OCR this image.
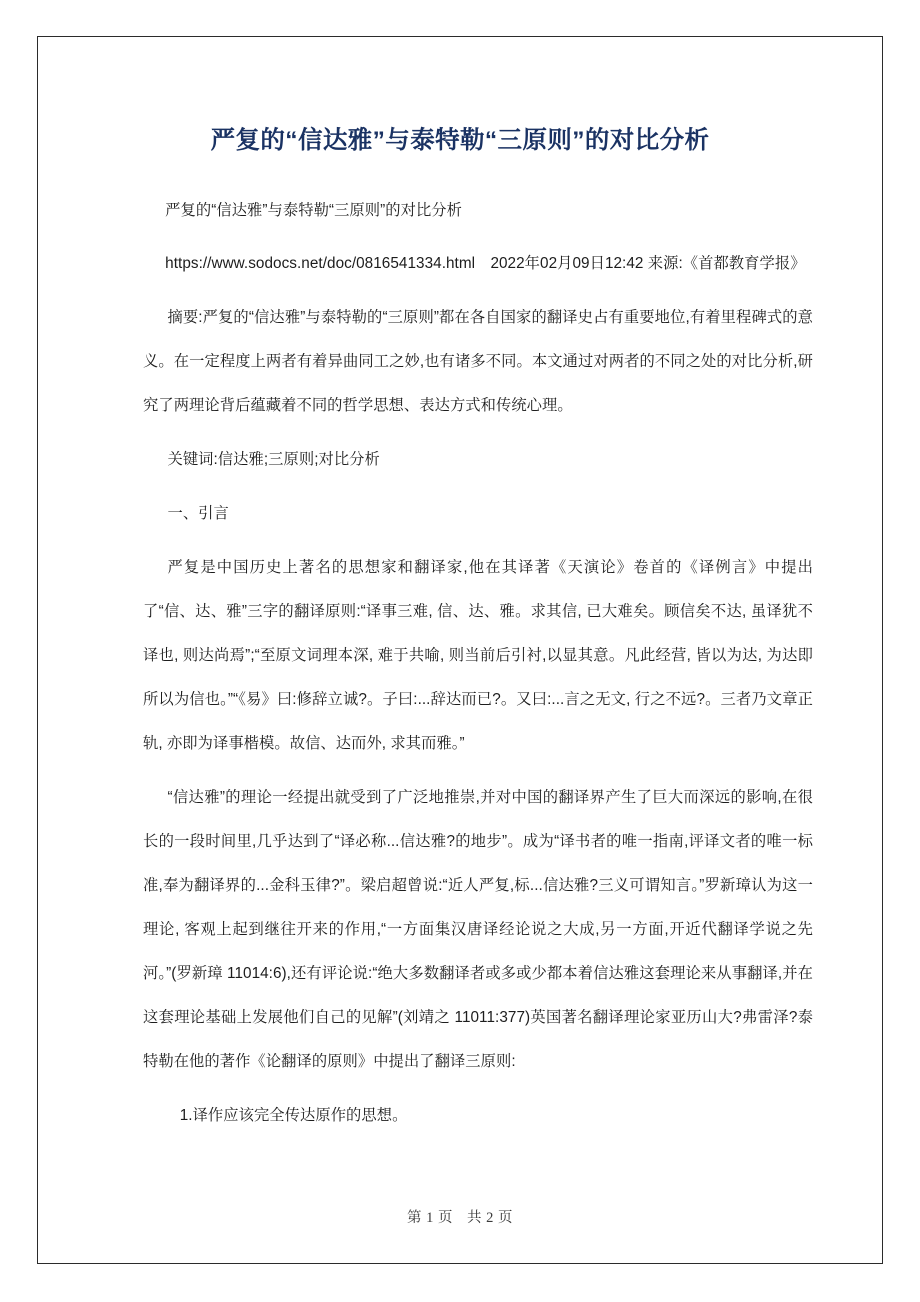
严复的“信达雅”与泰特勒“三原则”的对比分析

严复的“信达雅”与泰特勒“三原则”的对比分析

https://www.sodocs.net/doc/0816541334.html 2022年02月09日12:42 来源:《首都教育学报》

摘要:严复的“信达雅”与泰特勒的“三原则”都在各自国家的翻译史占有重要地位,有着里程碑式的意义。在一定程度上两者有着异曲同工之妙,也有诸多不同。本文通过对两者的不同之处的对比分析,研究了两理论背后蕴藏着不同的哲学思想、表达方式和传统心理。

关键词:信达雅;三原则;对比分析

一、引言

严复是中国历史上著名的思想家和翻译家,他在其译著《天演论》卷首的《译例言》中提出了“信、达、雅”三字的翻译原则:“译事三难, 信、达、雅。求其信, 已大难矣。顾信矣不达, 虽译犹不译也, 则达尚焉”;“至原文词理本深, 难于共喻, 则当前后引衬,以显其意。凡此经营, 皆以为达, 为达即所以为信也。”“《易》曰:修辞立诚?。子曰:...辞达而已?。又曰:...言之无文, 行之不远?。三者乃文章正轨, 亦即为译事楷模。故信、达而外, 求其而雅。”

“信达雅”的理论一经提出就受到了广泛地推崇,并对中国的翻译界产生了巨大而深远的影响,在很长的一段时间里,几乎达到了“译必称...信达雅?的地步”。成为“译书者的唯一指南,评译文者的唯一标准,奉为翻译界的...金科玉律?”。梁启超曾说:“近人严复,标...信达雅?三义可谓知言。”罗新璋认为这一理论, 客观上起到继往开来的作用,“一方面集汉唐译经论说之大成,另一方面,开近代翻译学说之先河。”(罗新璋 11014:6),还有评论说:“绝大多数翻译者或多或少都本着信达雅这套理论来从事翻译,并在这套理论基础上发展他们自己的见解”(刘靖之 11011:377)英国著名翻译理论家亚历山大?弗雷泽?泰特勒在他的著作《论翻译的原则》中提出了翻译三原则:

1.译作应该完全传达原作的思想。

第 1 页 共 2 页
